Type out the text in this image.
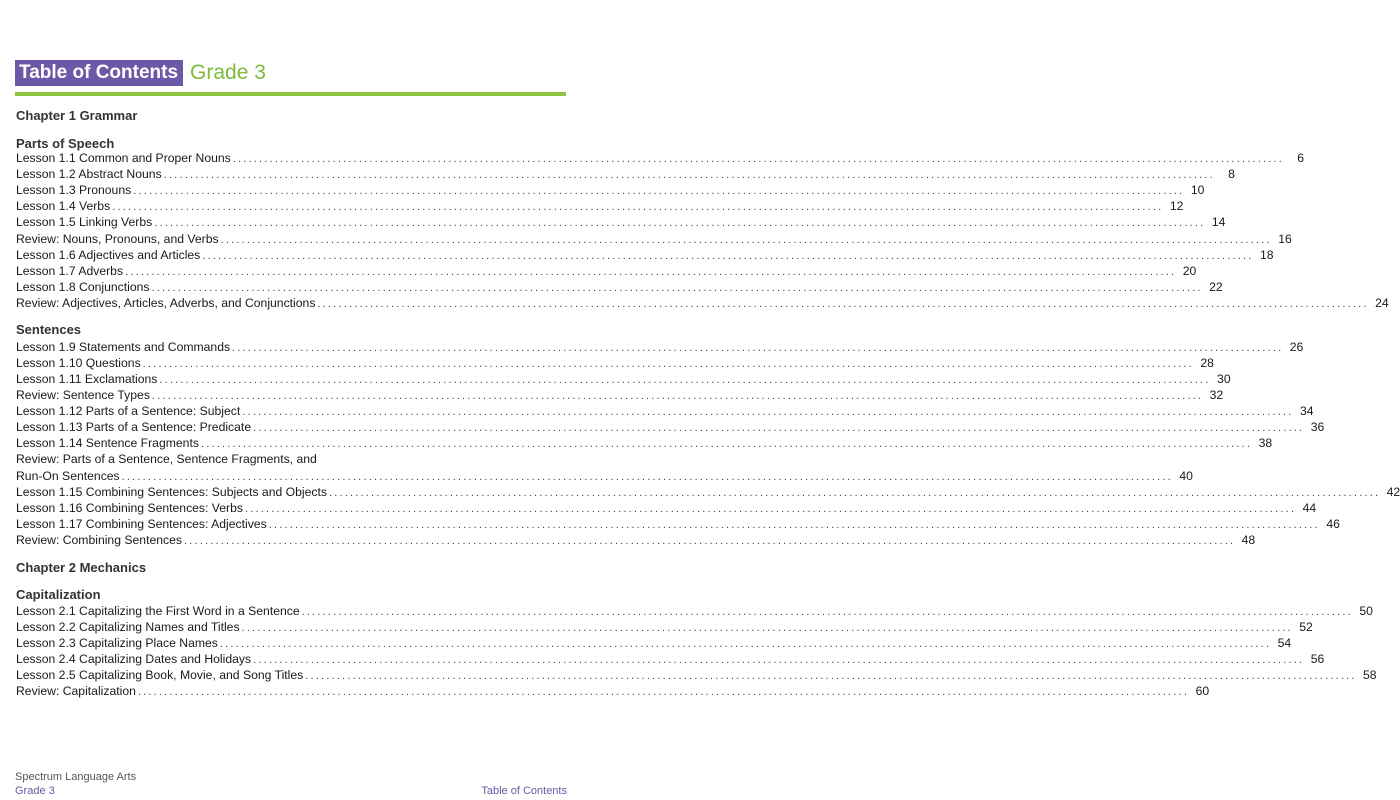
Table of Contents Grade 3
Chapter 1 Grammar
Parts of Speech
Lesson 1.1 Common and Proper Nouns ........................................................................................................................................................................................................	6
Lesson 1.2 Abstract Nouns ........................................................................................................................................................................................................	8
Lesson 1.3 Pronouns ........................................................................................................................................................................................................ 10
Lesson 1.4 Verbs ........................................................................................................................................................................................................ 12
Lesson 1.5 Linking Verbs ........................................................................................................................................................................................................ 14
Review: Nouns, Pronouns, and Verbs ........................................................................................................................................................................................................ 16
Lesson 1.6 Adjectives and Articles ........................................................................................................................................................................................................ 18
Lesson 1.7 Adverbs ........................................................................................................................................................................................................ 20
Lesson 1.8 Conjunctions ........................................................................................................................................................................................................ 22
Review: Adjectives, Articles, Adverbs, and Conjunctions ........................................................................................................................................................................................................ 24
Sentences
Lesson 1.9 Statements and Commands ........................................................................................................................................................................................................ 26
Lesson 1.10 Questions ........................................................................................................................................................................................................ 28
Lesson 1.11 Exclamations ........................................................................................................................................................................................................ 30
Review: Sentence Types ........................................................................................................................................................................................................ 32
Lesson 1.12 Parts of a Sentence: Subject ........................................................................................................................................................................................................ 34
Lesson 1.13 Parts of a Sentence: Predicate ........................................................................................................................................................................................................ 36
Lesson 1.14 Sentence Fragments ........................................................................................................................................................................................................ 38
Review: Parts of a Sentence, Sentence Fragments, and
Run-On Sentences ........................................................................................................................................................................................................ 40
Lesson 1.15 Combining Sentences: Subjects and Objects ........................................................................................................................................................................................................ 42
Lesson 1.16 Combining Sentences: Verbs ........................................................................................................................................................................................................ 44
Lesson 1.17 Combining Sentences: Adjectives ........................................................................................................................................................................................................ 46
Review: Combining Sentences ........................................................................................................................................................................................................ 48
Chapter 2 Mechanics
Capitalization
Lesson 2.1 Capitalizing the First Word in a Sentence ........................................................................................................................................................................................................ 50
Lesson 2.2 Capitalizing Names and Titles ........................................................................................................................................................................................................ 52
Lesson 2.3 Capitalizing Place Names ........................................................................................................................................................................................................ 54
Lesson 2.4 Capitalizing Dates and Holidays ........................................................................................................................................................................................................ 56
Lesson 2.5 Capitalizing Book, Movie, and Song Titles ........................................................................................................................................................................................................ 58
Review: Capitalization ........................................................................................................................................................................................................ 60
Spectrum Language Arts
Grade 3	Table of Contents
